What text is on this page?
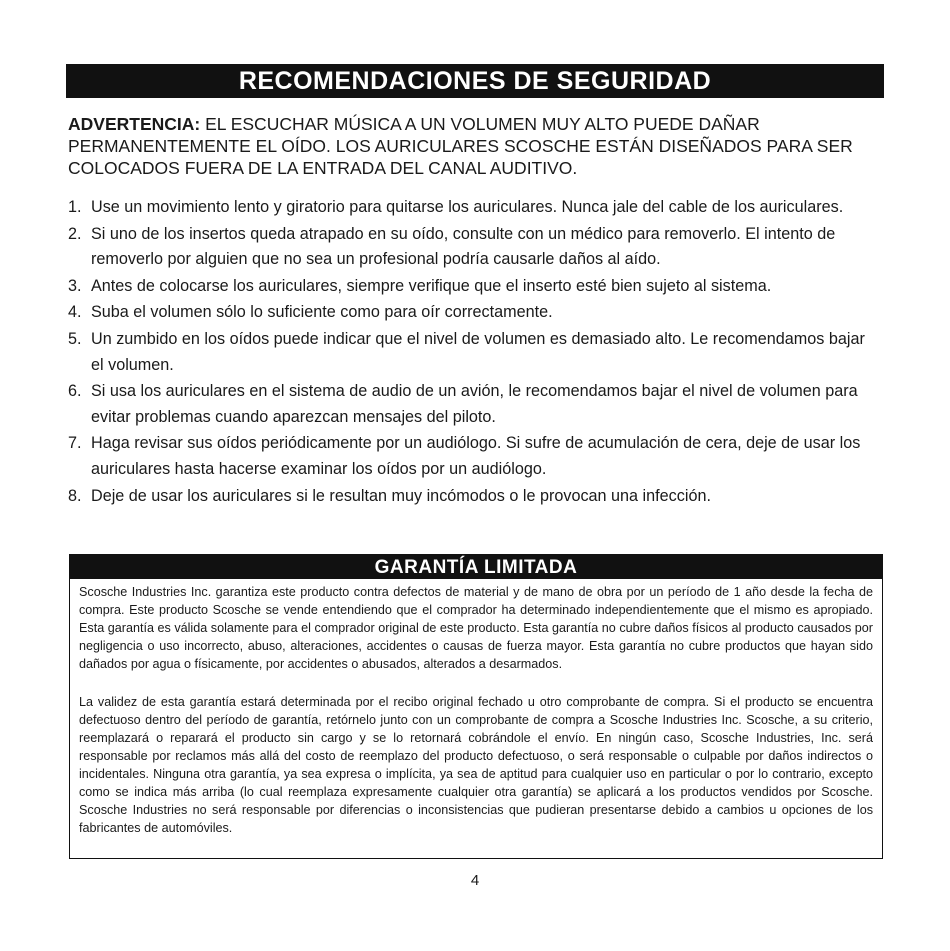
RECOMENDACIONES DE SEGURIDAD
ADVERTENCIA: EL ESCUCHAR MÚSICA A UN VOLUMEN MUY ALTO PUEDE DAÑAR PERMANENTEMENTE EL OÍDO. LOS AURICULARES SCOSCHE ESTÁN DISEÑADOS PARA SER COLOCADOS FUERA DE LA ENTRADA DEL CANAL AUDITIVO.
1. Use un movimiento lento y giratorio para quitarse los auriculares. Nunca jale del cable de los auriculares.
2. Si uno de los insertos queda atrapado en su oído, consulte con un médico para removerlo. El intento de removerlo por alguien que no sea un profesional podría causarle daños al aído.
3. Antes de colocarse los auriculares, siempre verifique que el inserto esté bien sujeto al sistema.
4. Suba el volumen sólo lo suficiente como para oír correctamente.
5. Un zumbido en los oídos puede indicar que el nivel de volumen es demasiado alto. Le recomendamos bajar el volumen.
6. Si usa los auriculares en el sistema de audio de un avión, le recomendamos bajar el nivel de volumen para evitar problemas cuando aparezcan mensajes del piloto.
7. Haga revisar sus oídos periódicamente por un audiólogo. Si sufre de acumulación de cera, deje de usar los auriculares hasta hacerse examinar los oídos por un audiólogo.
8. Deje de usar los auriculares si le resultan muy incómodos o le provocan una infección.
GARANTÍA LIMITADA

Scosche Industries Inc. garantiza este producto contra defectos de material y de mano de obra por un período de 1 año desde la fecha de compra. Este producto Scosche se vende entendiendo que el comprador ha determinado independientemente que el mismo es apropiado. Esta garantía es válida solamente para el comprador original de este producto. Esta garantía no cubre daños físicos al producto causados por negligencia o uso incorrecto, abuso, alteraciones, accidentes o causas de fuerza mayor. Esta garantía no cubre productos que hayan sido dañados por agua o físicamente, por accidentes o abusados, alterados a desarmados.

La validez de esta garantía estará determinada por el recibo original fechado u otro comprobante de compra. Si el producto se encuentra defectuoso dentro del período de garantía, retórnelo junto con un comprobante de compra a Scosche Industries Inc. Scosche, a su criterio, reemplazará o reparará el producto sin cargo y se lo retornará cobrándole el envío. En ningún caso, Scosche Industries, Inc. será responsable por reclamos más allá del costo de reemplazo del producto defectuoso, o será responsable o culpable por daños indirectos o incidentales. Ninguna otra garantía, ya sea expresa o implícita, ya sea de aptitud para cualquier uso en particular o por lo contrario, excepto como se indica más arriba (lo cual reemplaza expresamente cualquier otra garantía) se aplicará a los productos vendidos por Scosche. Scosche Industries no será responsable por diferencias o inconsistencias que pudieran presentarse debido a cambios u opciones de los fabricantes de automóviles.

4
